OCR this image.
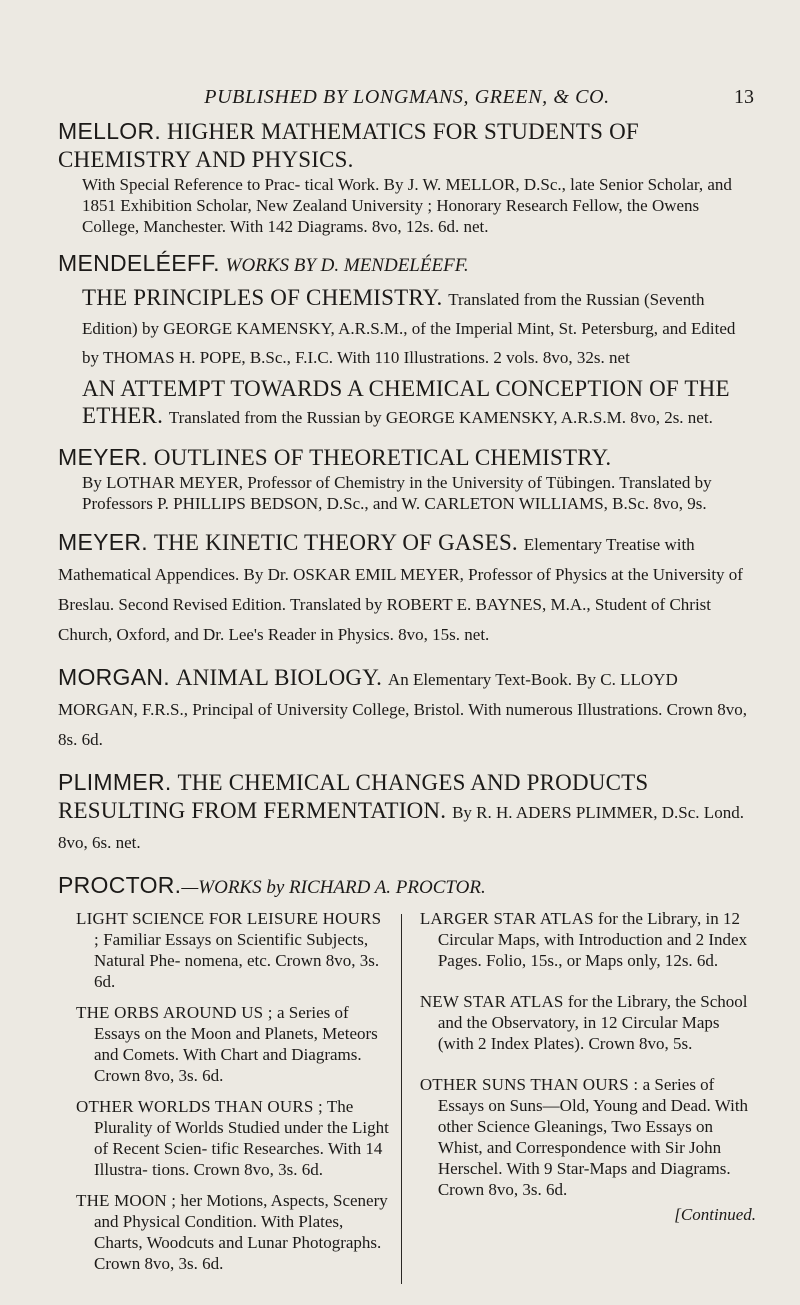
PUBLISHED BY LONGMANS, GREEN, & CO.	13

MELLOR. HIGHER MATHEMATICS FOR STUDENTS OF CHEMISTRY AND PHYSICS.

With Special Reference to Prac- tical Work. By J. W. MELLOR, D.Sc., late Senior Scholar, and 1851 Exhibition Scholar, New Zealand University ; Honorary Research Fellow, the Owens College, Manchester. With 142 Diagrams. 8vo, 12s. 6d. net.

MENDELÉEFF. WORKS BY D. MENDELÉEFF.

THE PRINCIPLES OF CHEMISTRY. Translated from the Russian (Seventh Edition) by GEORGE KAMENSKY, A.R.S.M., of the Imperial Mint, St. Petersburg, and Edited by THOMAS H. POPE, B.Sc., F.I.C. With 110 Illustrations. 2 vols. 8vo, 32s. net

AN ATTEMPT TOWARDS A CHEMICAL CONCEPTION OF THE ETHER. Translated from the Russian by GEORGE KAMENSKY, A.R.S.M. 8vo, 2s. net.

MEYER. OUTLINES OF THEORETICAL CHEMISTRY.

By LOTHAR MEYER, Professor of Chemistry in the University of Tübingen. Translated by Professors P. PHILLIPS BEDSON, D.Sc., and W. CARLETON WILLIAMS, B.Sc. 8vo, 9s.

MEYER. THE KINETIC THEORY OF GASES. Elementary Treatise with Mathematical Appendices. By Dr. OSKAR EMIL MEYER, Professor of Physics at the University of Breslau. Second Revised Edition. Translated by ROBERT E. BAYNES, M.A., Student of Christ Church, Oxford, and Dr. Lee's Reader in Physics. 8vo, 15s. net.

MORGAN. ANIMAL BIOLOGY. An Elementary Text-Book. By C. LLOYD MORGAN, F.R.S., Principal of University College, Bristol. With numerous Illustrations. Crown 8vo, 8s. 6d.

PLIMMER. THE CHEMICAL CHANGES AND PRODUCTS RESULTING FROM FERMENTATION. By R. H. ADERS PLIMMER, D.Sc. Lond. 8vo, 6s. net.

PROCTOR.—WORKS by RICHARD A. PROCTOR.

LIGHT SCIENCE FOR LEISURE HOURS ; Familiar Essays on Scientific Subjects, Natural Phe- nomena, etc. Crown 8vo, 3s. 6d.
THE ORBS AROUND US ; a Series of Essays on the Moon and Planets, Meteors and Comets. With Chart and Diagrams. Crown 8vo, 3s. 6d.
OTHER WORLDS THAN OURS ; The Plurality of Worlds Studied under the Light of Recent Scien- tific Researches. With 14 Illustra- tions. Crown 8vo, 3s. 6d.
THE MOON ; her Motions, Aspects, Scenery and Physical Condition. With Plates, Charts, Woodcuts and Lunar Photographs. Crown 8vo, 3s. 6d.
LARGER STAR ATLAS for the Library, in 12 Circular Maps, with Introduction and 2 Index Pages. Folio, 15s., or Maps only, 12s. 6d.
NEW STAR ATLAS for the Library, the School and the Observatory, in 12 Circular Maps (with 2 Index Plates). Crown 8vo, 5s.
OTHER SUNS THAN OURS : a Series of Essays on Suns—Old, Young and Dead. With other Science Gleanings, Two Essays on Whist, and Correspondence with Sir John Herschel. With 9 Star-Maps and Diagrams. Crown 8vo, 3s. 6d.
[Continued.
